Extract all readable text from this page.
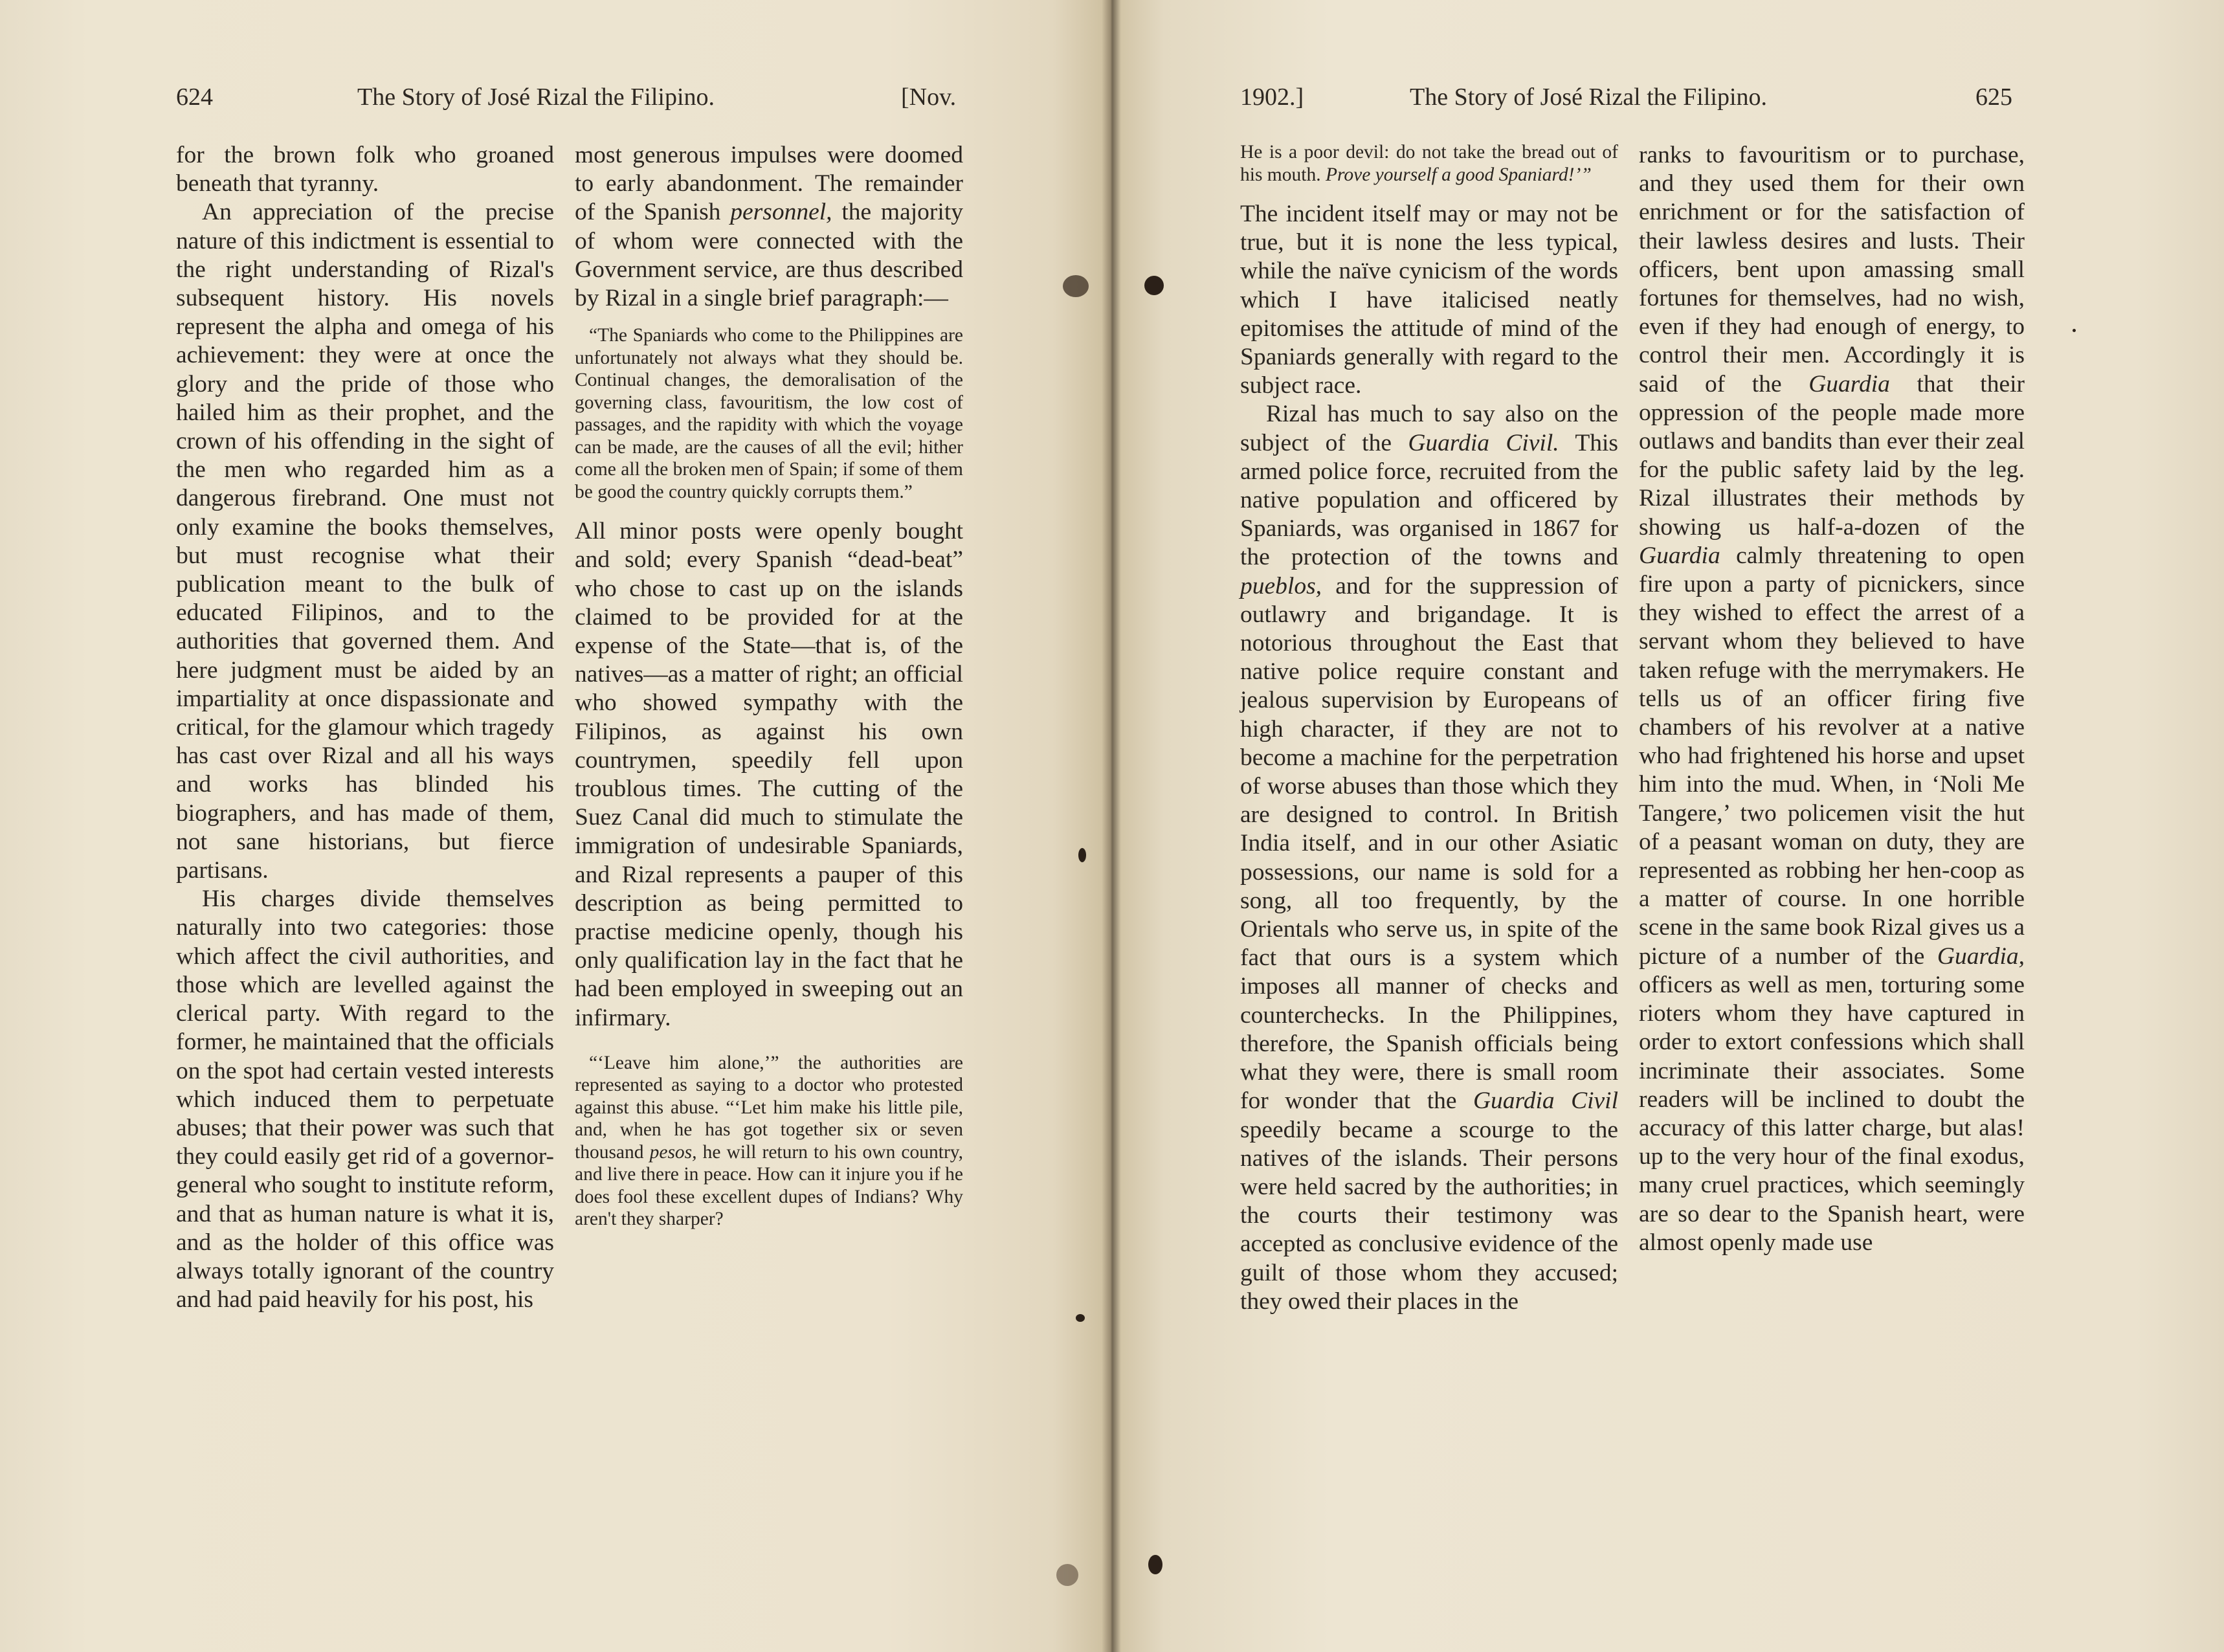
624	The Story of José Rizal the Filipino.	[Nov.

for the brown folk who groaned beneath that tyranny.

An appreciation of the precise nature of this indictment is essential to the right understanding of Rizal's subsequent history. His novels represent the alpha and omega of his achievement: they were at once the glory and the pride of those who hailed him as their prophet, and the crown of his offending in the sight of the men who regarded him as a dangerous firebrand. One must not only examine the books themselves, but must recognise what their publication meant to the bulk of educated Filipinos, and to the authorities that governed them. And here judgment must be aided by an impartiality at once dispassionate and critical, for the glamour which tragedy has cast over Rizal and all his ways and works has blinded his biographers, and has made of them, not sane historians, but fierce partisans.

His charges divide themselves naturally into two categories: those which affect the civil authorities, and those which are levelled against the clerical party. With regard to the former, he maintained that the officials on the spot had certain vested interests which induced them to perpetuate abuses; that their power was such that they could easily get rid of a governor-general who sought to institute reform, and that as human nature is what it is, and as the holder of this office was always totally ignorant of the country and had paid heavily for his post, his

most generous impulses were doomed to early abandonment. The remainder of the Spanish personnel, the majority of whom were connected with the Government service, are thus described by Rizal in a single brief paragraph:—

“The Spaniards who come to the Philippines are unfortunately not always what they should be. Continual changes, the demoralisation of the governing class, favouritism, the low cost of passages, and the rapidity with which the voyage can be made, are the causes of all the evil; hither come all the broken men of Spain; if some of them be good the country quickly corrupts them.”

All minor posts were openly bought and sold; every Spanish “dead-beat” who chose to cast up on the islands claimed to be provided for at the expense of the State—that is, of the natives—as a matter of right; an official who showed sympathy with the Filipinos, as against his own countrymen, speedily fell upon troublous times. The cutting of the Suez Canal did much to stimulate the immigration of undesirable Spaniards, and Rizal represents a pauper of this description as being permitted to practise medicine openly, though his only qualification lay in the fact that he had been employed in sweeping out an infirmary.

“‘Leave him alone,’” the authorities are represented as saying to a doctor who protested against this abuse. “‘Let him make his little pile, and, when he has got together six or seven thousand pesos, he will return to his own country, and live there in peace. How can it injure you if he does fool these excellent dupes of Indians? Why aren't they sharper?

1902.]	The Story of José Rizal the Filipino.	625

He is a poor devil: do not take the bread out of his mouth. Prove yourself a good Spaniard!’”

The incident itself may or may not be true, but it is none the less typical, while the naïve cynicism of the words which I have italicised neatly epitomises the attitude of mind of the Spaniards generally with regard to the subject race.

Rizal has much to say also on the subject of the Guardia Civil. This armed police force, recruited from the native population and officered by Spaniards, was organised in 1867 for the protection of the towns and pueblos, and for the suppression of outlawry and brigandage. It is notorious throughout the East that native police require constant and jealous supervision by Europeans of high character, if they are not to become a machine for the perpetration of worse abuses than those which they are designed to control. In British India itself, and in our other Asiatic possessions, our name is sold for a song, all too frequently, by the Orientals who serve us, in spite of the fact that ours is a system which imposes all manner of checks and counterchecks. In the Philippines, therefore, the Spanish officials being what they were, there is small room for wonder that the Guardia Civil speedily became a scourge to the natives of the islands. Their persons were held sacred by the authorities; in the courts their testimony was accepted as conclusive evidence of the guilt of those whom they accused; they owed their places in the

ranks to favouritism or to purchase, and they used them for their own enrichment or for the satisfaction of their lawless desires and lusts. Their officers, bent upon amassing small fortunes for themselves, had no wish, even if they had enough of energy, to control their men. Accordingly it is said of the Guardia that their oppression of the people made more outlaws and bandits than ever their zeal for the public safety laid by the leg. Rizal illustrates their methods by showing us half-a-dozen of the Guardia calmly threatening to open fire upon a party of picnickers, since they wished to effect the arrest of a servant whom they believed to have taken refuge with the merrymakers. He tells us of an officer firing five chambers of his revolver at a native who had frightened his horse and upset him into the mud. When, in ‘Noli Me Tangere,’ two policemen visit the hut of a peasant woman on duty, they are represented as robbing her hen-coop as a matter of course. In one horrible scene in the same book Rizal gives us a picture of a number of the Guardia, officers as well as men, torturing some rioters whom they have captured in order to extort confessions which shall incriminate their associates. Some readers will be inclined to doubt the accuracy of this latter charge, but alas! up to the very hour of the final exodus, many cruel practices, which seemingly are so dear to the Spanish heart, were almost openly made use
